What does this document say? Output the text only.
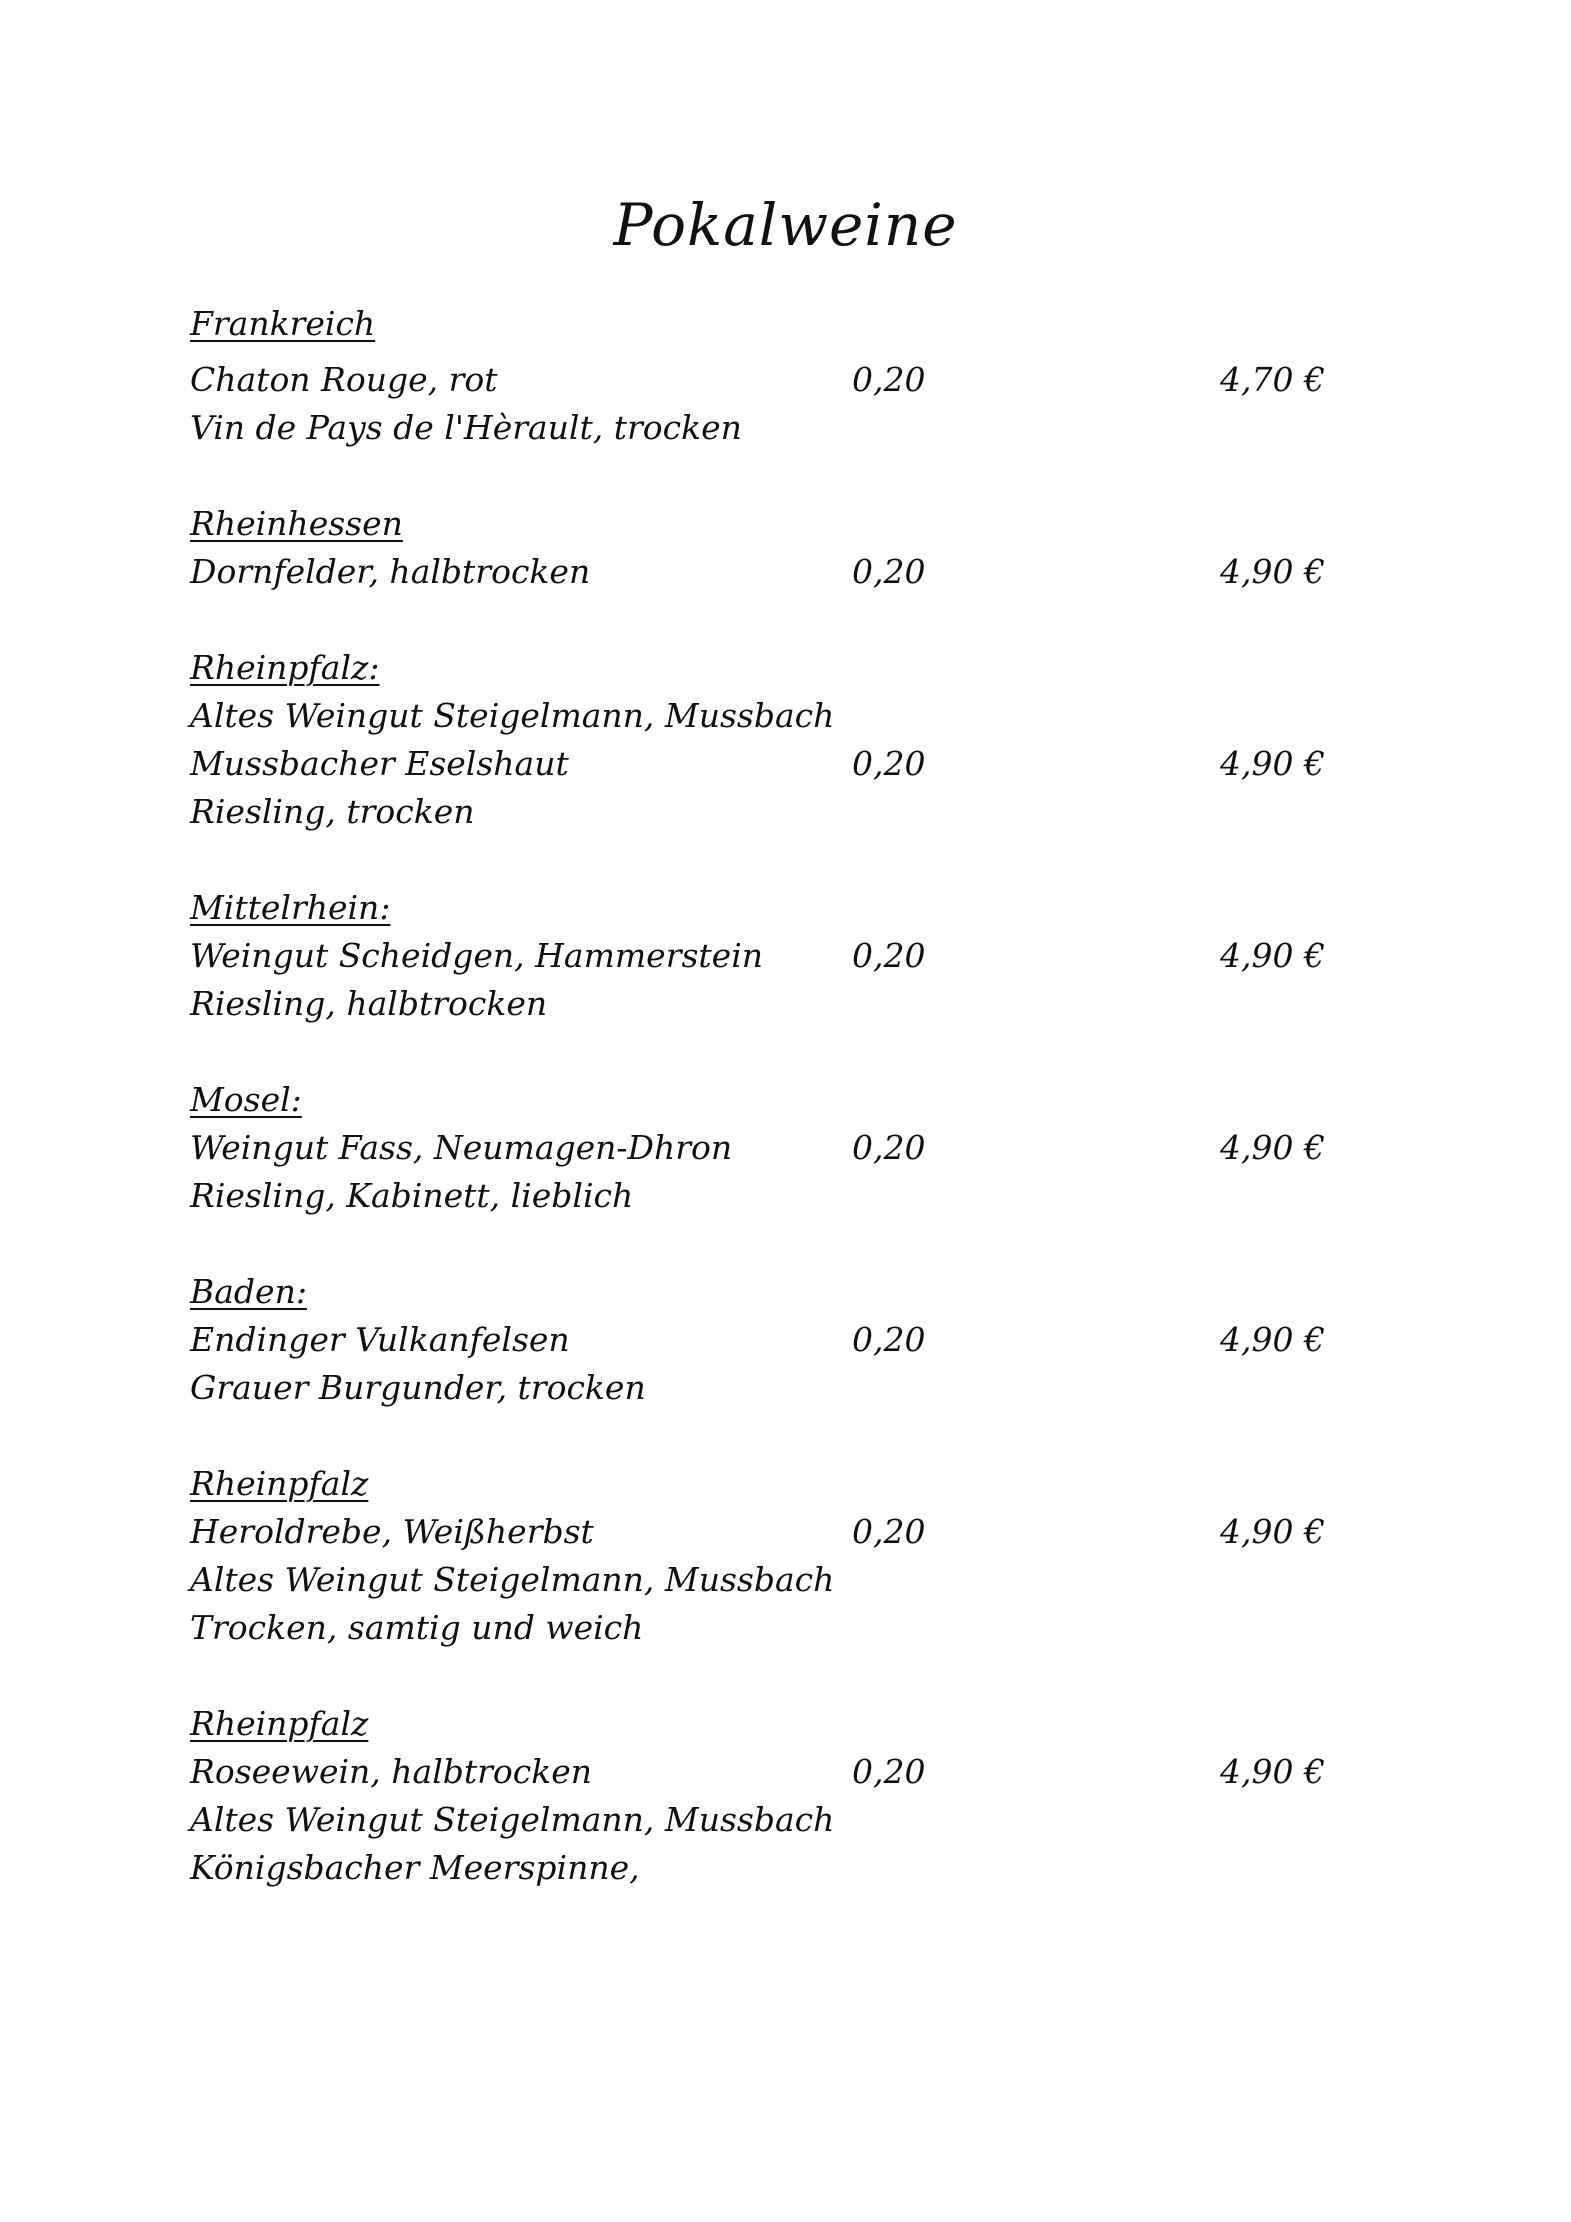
Pokalweine
Frankreich
Chaton Rouge, rot	0,20	4,70 €
Vin de Pays de l'Hèrault, trocken
Rheinhessen
Dornfelder, halbtrocken	0,20	4,90 €
Rheinpfalz:
Altes Weingut Steigelmann, Mussbach
Mussbacher Eselshaut	0,20	4,90 €
Riesling, trocken
Mittelrhein:
Weingut Scheidgen, Hammerstein	0,20	4,90 €
Riesling, halbtrocken
Mosel:
Weingut Fass, Neumagen-Dhron	0,20	4,90 €
Riesling, Kabinett, lieblich
Baden:
Endinger Vulkanfelsen	0,20	4,90 €
Grauer Burgunder, trocken
Rheinpfalz
Heroldrebe, Weißherbst	0,20	4,90 €
Altes Weingut Steigelmann, Mussbach
Trocken, samtig und weich
Rheinpfalz
Roseewein, halbtrocken	0,20	4,90 €
Altes Weingut Steigelmann, Mussbach
Königsbacher Meerspinne,
